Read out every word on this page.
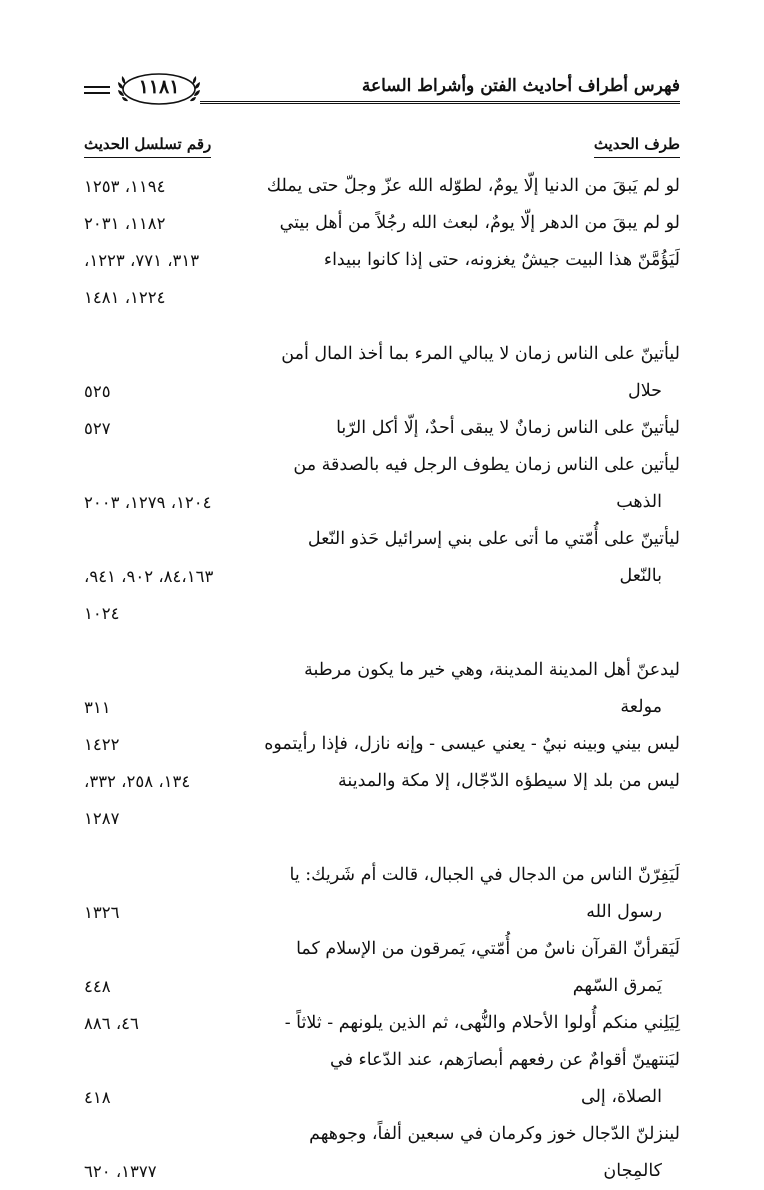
فهرس أطراف أحاديث الفتن وأشراط الساعة
١١٨١
طرف الحديث
رقم تسلسل الحديث
لو لم يَبقَ من الدنيا إلّا يومٌ، لطوّله الله عزّ وجلّ حتى يملك
١١٩٤، ١٢٥٣
لو لم يبقَ من الدهر إلّا يومٌ، لبعث الله رجُلاً من أهل بيتي
١١٨٢، ٢٠٣١
لَيَؤُمَّنّ هذا البيت جيشٌ يغزونه، حتى إذا كانوا ببيداء
٣١٣، ٧٧١، ١٢٢٣،
١٢٢٤، ١٤٨١
ليأتينّ على الناس زمان لا يبالي المرء بما أخذ المال أمن
حلال
٥٢٥
ليأتينّ على الناس زمانٌ لا يبقى أحدٌ، إلّا أكل الرّبا
٥٢٧
ليأتين على الناس زمان يطوف الرجل فيه بالصدقة من
الذهب
١٢٠٤، ١٢٧٩، ٢٠٠٣
ليأتينّ على أُمّتي ما أتى على بني إسرائيل حَذو النّعل
بالنّعل
٨٤،١٦٣، ٩٠٢، ٩٤١،
١٠٢٤
ليدعنّ أهل المدينة المدينة، وهي خير ما يكون مرطبة
مولعة
٣١١
ليس بيني وبينه نبيٌ - يعني عيسى - وإنه نازل، فإذا رأيتموه
١٤٢٢
ليس من بلد إلا سيطؤه الدّجّال، إلا مكة والمدينة
١٣٤، ٢٥٨، ٣٣٢،
١٢٨٧
لَيَفِرّنّ الناس من الدجال في الجبال، قالت أم شَريك: يا
رسول الله
١٣٢٦
لَيَقرأنّ القرآن ناسٌ من أُمّتي، يَمرقون من الإسلام كما
يَمرق السّهم
٤٤٨
لِيَلِني منكم أُولوا الأحلام والنُّهى، ثم الذين يلونهم - ثلاثاً -
٤٦، ٨٨٦
ليَنتهينّ أقوامٌ عن رفعهم أبصارَهم، عند الدّعاء في
الصلاة، إلى
٤١٨
لينزلنّ الدّجال خوز وكرمان في سبعين ألفاً، وجوههم
كالمِجان
١٣٧٧، ٦٢٠
